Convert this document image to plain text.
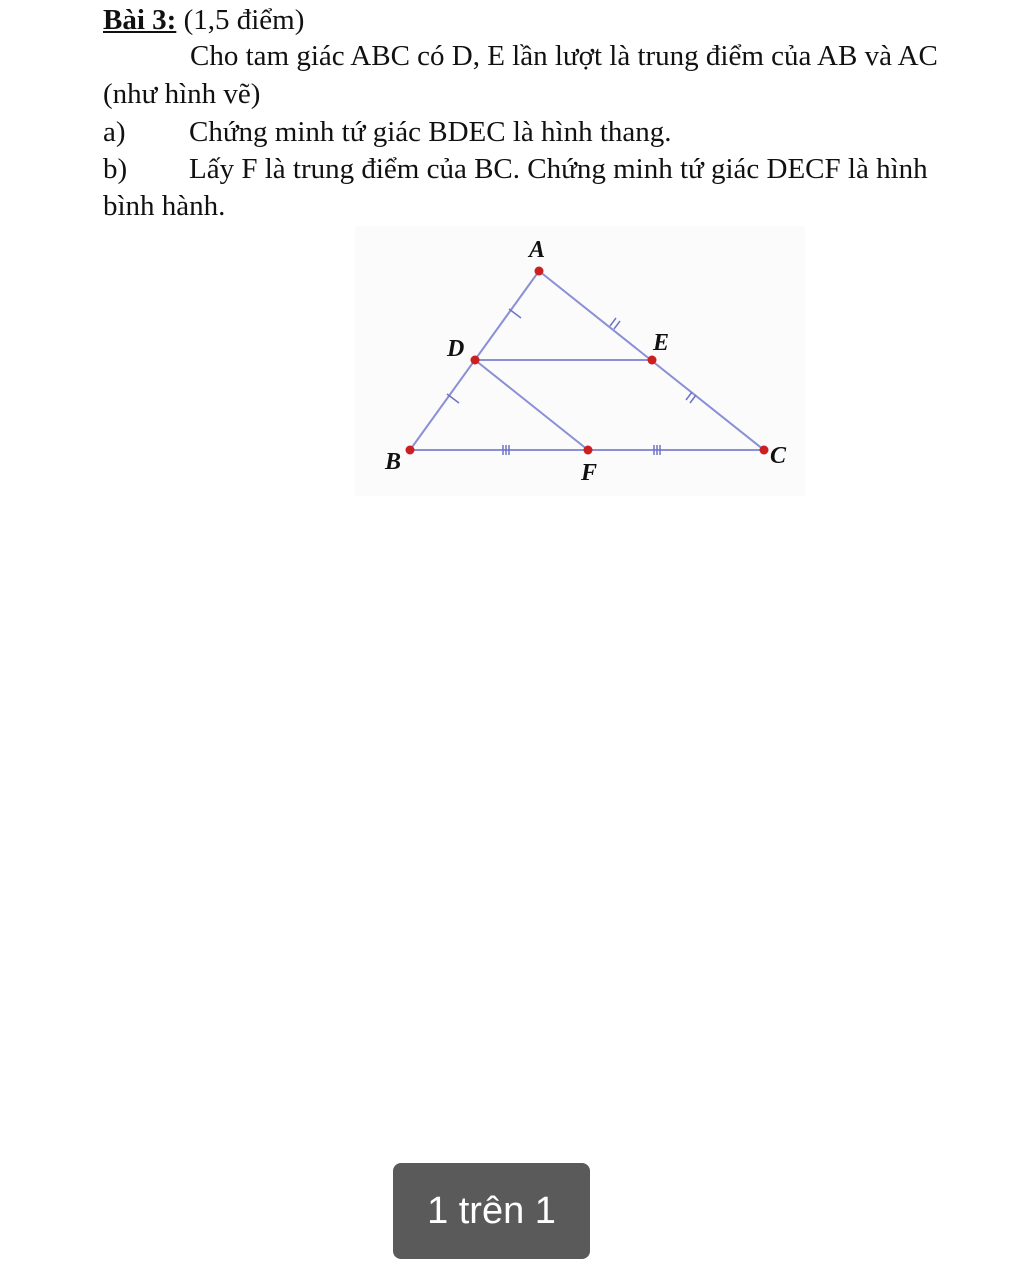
Bài 3: (1,5 điểm)
Cho tam giác ABC có D, E lần lượt là trung điểm của AB và AC
(như hình vẽ)
a) Chứng minh tứ giác BDEC là hình thang.
b) Lấy F là trung điểm của BC. Chứng minh tứ giác DECF là hình
bình hành.
A
B	C
D	E
F
1 trên 1
